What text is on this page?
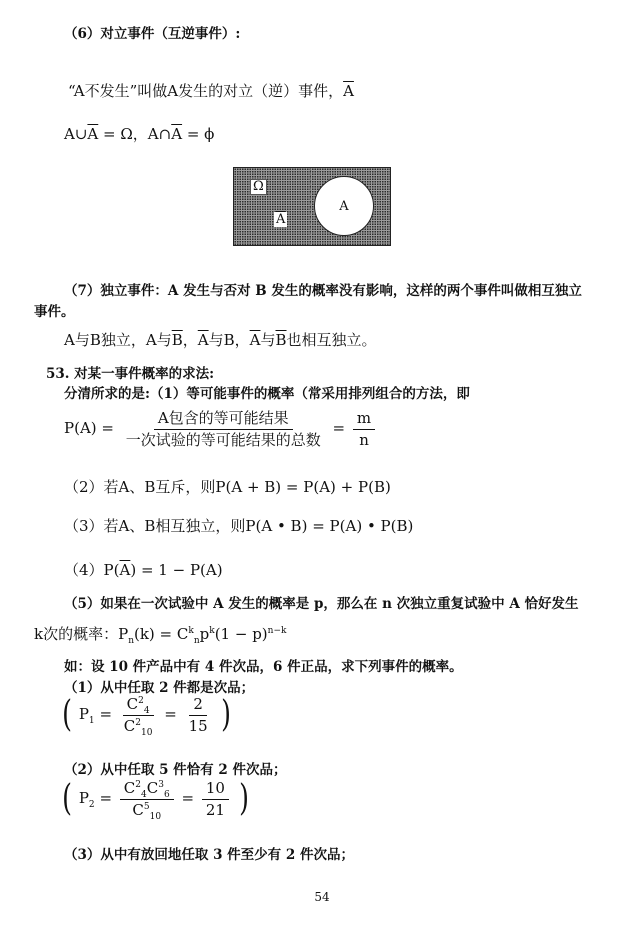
（6）对立事件（互逆事件）:
“A不发生”叫做A发生的对立（逆）事件，$\overline{A}$
$A\cup\overline{A} = \Omega$，$A\cap\overline{A} = \phi$
Ω
$\overline{A}$
A
（7）独立事件：A 发生与否对 B 发生的概率没有影响，这样的两个事件叫做相互独立
事件。
A与B独立，A与$\overline{B}$，$\overline{A}$与B，$\overline{A}$与$\overline{B}$也相互独立。
53. 对某一事件概率的求法:
分清所求的是:（1）等可能事件的概率（常采用排列组合的方法，即
$P(A) = \frac{\text{A包含的等可能结果}}{\text{一次试验的等可能结果的总数}} = \frac{m}{n}$
（2）若A、B互斥，则P(A + B) = P(A) + P(B)
（3）若A、B相互独立，则P(A • B) = P(A) • P(B)
$(4)P(\overline{A}) = 1 - P(A)$
（5）如果在一次试验中 A 发生的概率是 p，那么在 n 次独立重复试验中 A 恰好发生
k次的概率：$P_n(k) = C^k_np^k(1 - p)^{n-k}$
如：设 10 件产品中有 4 件次品，6 件正品，求下列事件的概率。
（1）从中任取 2 件都是次品；
( $P_1 = \frac{C^2_4}{C^2_{10}} = \frac{2}{15}$ )
（2）从中任取 5 件恰有 2 件次品；
( $P_2 = \frac{C^2_4C^3_6}{C^5_{10}} = \frac{10}{21}$ )
（3）从中有放回地任取 3 件至少有 2 件次品；
54
